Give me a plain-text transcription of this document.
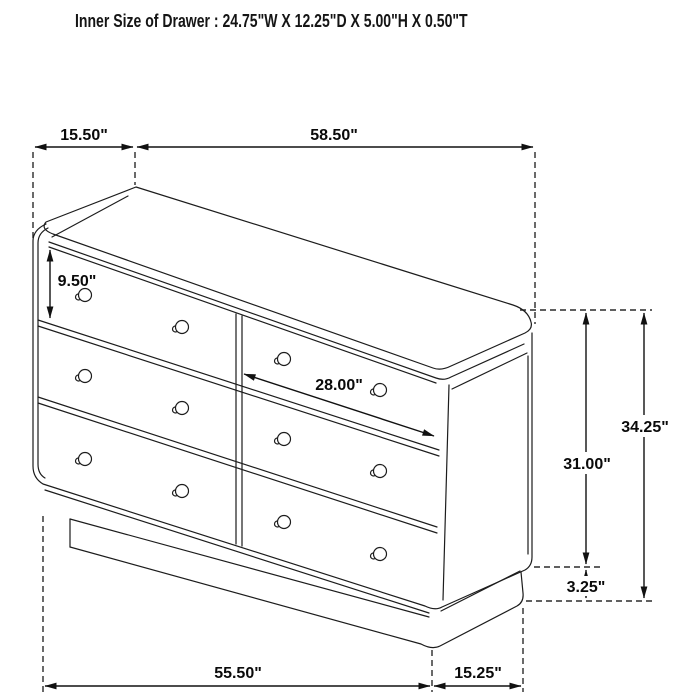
Inner Size of Drawer : 24.75"W X 12.25"D X 5.00"H X 0.50"T
15.50"	58.50"
9.50"
28.00"
31.00"
34.25"
3.25"
55.50"	15.25"
